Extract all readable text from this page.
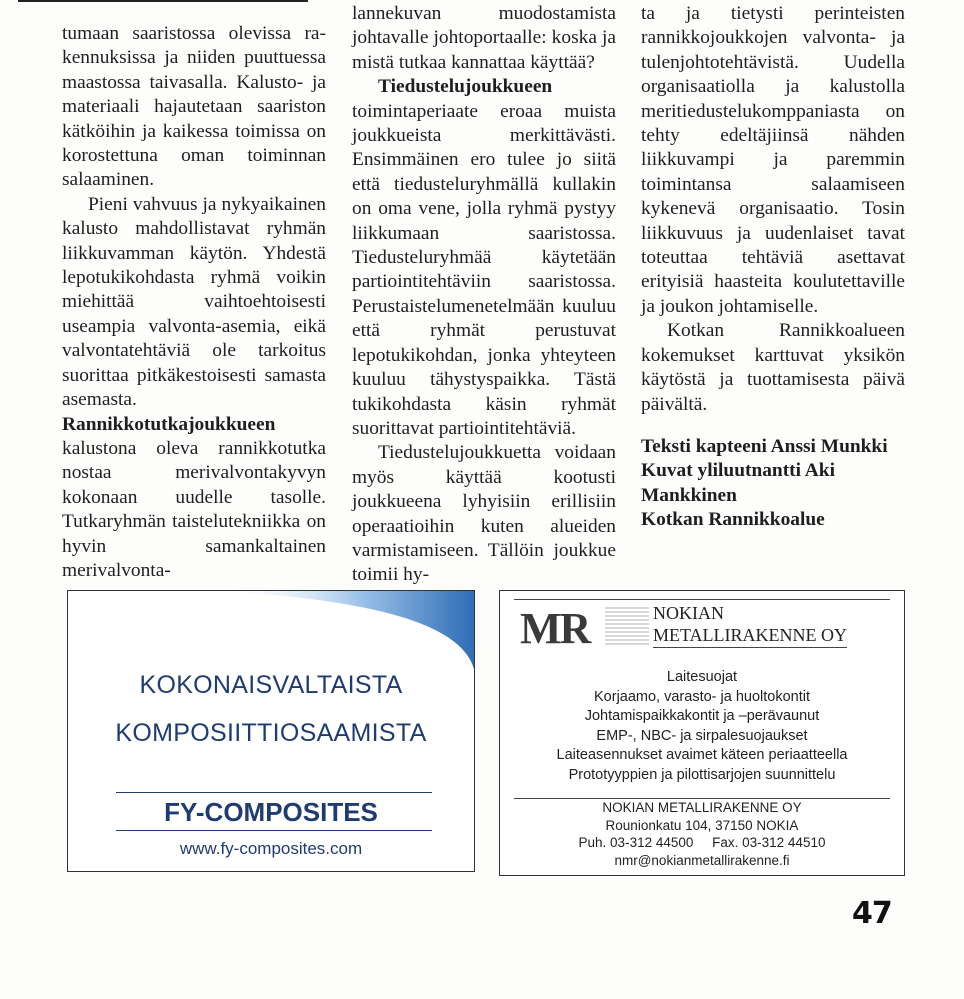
tumaan saaristossa olevissa rakennuksissa ja niiden puuttuessa maastossa taivasalla. Kalusto- ja materiaali hajautetaan saariston kätköihin ja kaikessa toimissa on korostettuna oman toiminnan salaaminen.

Pieni vahvuus ja nykyaikainen kalusto mahdollistavat ryhmän liikkuvamman käytön. Yhdestä lepotukikohdasta ryhmä voikin miehittää vaihtoehtoisesti useampia valvonta-asemia, eikä valvontatehtäviä ole tarkoitus suorittaa pitkäkestoisesti samasta asemasta.

Rannikkotutkajoukkueen
kalustona oleva rannikkotutka nostaa merivalvontakyvyn kokonaan uudelle tasolle. Tutkaryhmän taistelutekniikka on hyvin samankaltainen merivalvonta-

lannekuvan muodostamista johtavalle johtoportaalle: koska ja mistä tutkaa kannattaa käyttää?

Tiedustelujoukkueen toimintaperiaate eroaa muista joukkueista merkittävästi. Ensimmäinen ero tulee jo siitä että tiedusteluryhmällä kullakin on oma vene, jolla ryhmä pystyy liikkumaan saaristossa. Tiedusteluryhmää käytetään partiointitehtäviin saaristossa. Perustaistelumenetelmään kuuluu että ryhmät perustuvat lepotukikohdan, jonka yhteyteen kuuluu tähystyspaikka. Tästä tukikohdasta käsin ryhmät suorittavat partiointitehtäviä.

Tiedustelujoukkuetta voidaan myös käyttää kootusti joukkueena lyhyisiin erillisiin operaatioihin kuten alueiden varmistamiseen. Tällöin joukkue toimii hy-

ta ja tietysti perinteisten rannikkojoukkojen valvonta- ja tulenjohtotehtävistä. Uudella organisaatiolla ja kalustolla meritiedustelukomppaniasta on tehty edeltäjiinsä nähden liikkuvampi ja paremmin toimintansa salaamiseen kykenevä organisaatio. Tosin liikkuvuus ja uudenlaiset tavat toteuttaa tehtäviä asettavat erityisiä haasteita koulutettaville ja joukon johtamiselle.

Kotkan Rannikkoalueen kokemukset karttuvat yksikön käytöstä ja tuottamisesta päivä päivältä.

Teksti kapteeni Anssi Munkki
Kuvat yliluutnantti Aki Mankkinen
Kotkan Rannikkoalue
KOKONAISVALTAISTA
KOMPOSIITTIOSAAMISTA
FY-COMPOSITES
www.fy-composites.com
MR	NOKIAN
METALLIRAKENNE OY
Laitesuojat
Korjaamo, varasto- ja huoltokontit
Johtamispaikkakontit ja –perävaunut
EMP-, NBC- ja sirpalesuojaukset
Laiteasennukset avaimet käteen periaatteella
Prototyyppien ja pilottisarjojen suunnittelu
NOKIAN METALLIRAKENNE OY
Rounionkatu 104, 37150 NOKIA
Puh. 03-312 44500     Fax. 03-312 44510
nmr@nokianmetallirakenne.fi
47
